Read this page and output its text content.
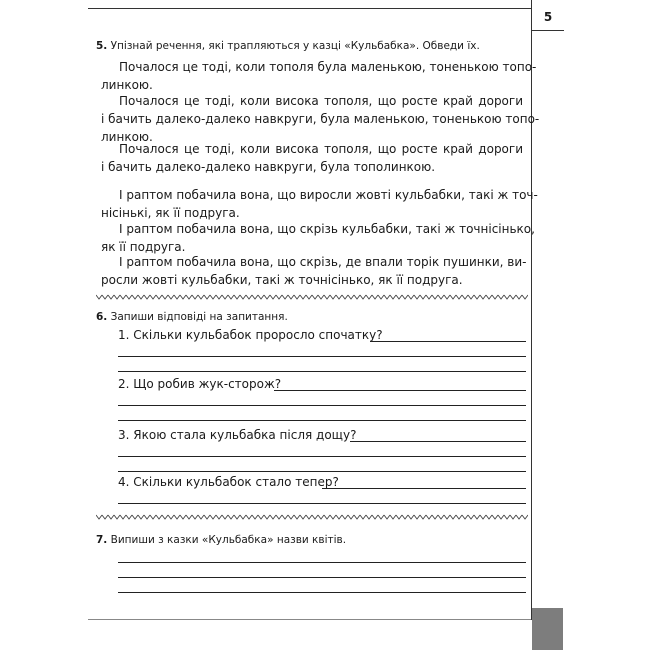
5
5. Упізнай речення, які трапляються у казці «Кульбабка». Обведи їх.
Почалося це тоді, коли тополя була маленькою, тоненькою топо-
линкою.
Почалося це тоді, коли висока тополя, що росте край дороги
і бачить далеко-далеко навкруги, була маленькою, тоненькою топо-
линкою.
Почалося це тоді, коли висока тополя, що росте край дороги
і бачить далеко-далеко навкруги, була тополинкою.
І раптом побачила вона, що виросли жовті кульбабки, такі ж точ-
нісінькі, як її подруга.
І раптом побачила вона, що скрізь кульбабки, такі ж точнісінько,
як її подруга.
І раптом побачила вона, що скрізь, де впали торік пушинки, ви-
росли жовті кульбабки, такі ж точнісінько, як її подруга.
6. Запиши відповіді на запитання.
1. Скільки кульбабок проросло спочатку?
2. Що робив жук-сторож?
3. Якою стала кульбабка після дощу?
4. Скільки кульбабок стало тепер?
7. Випиши з казки «Кульбабка» назви квітів.
